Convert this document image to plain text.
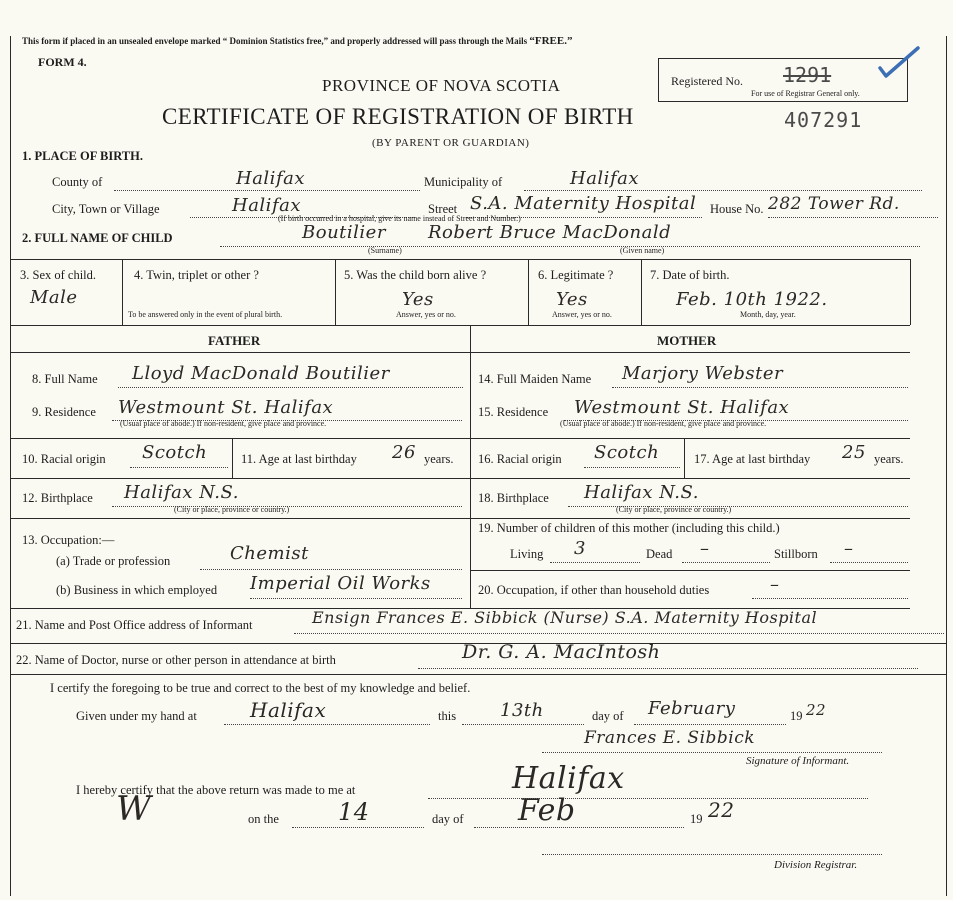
This form if placed in an unsealed envelope marked “ Dominion Statistics free,” and properly addressed will pass through the Mails “FREE.”
FORM 4.
PROVINCE OF NOVA SCOTIA
CERTIFICATE OF REGISTRATION OF BIRTH	407291
(BY PARENT OR GUARDIAN)
Registered No. 1291
For use of Registrar General only.
1. PLACE OF BIRTH.
County of	Halifax	Municipality of	Halifax
City, Town or Village	Halifax	Street S.A. Maternity Hospital House No. 282 Tower Rd.
(If birth occurred in a hospital, give its name instead of Street and Number.)
2. FULL NAME OF CHILD	Boutilier Robert Bruce MacDonald
(Surname)	(Given name)
3. Sex of child.
Male
4. Twin, triplet or other ?
To be answered only in the event of plural birth.
5. Was the child born alive ?
Yes
Answer, yes or no.
6. Legitimate ?
Yes
Answer, yes or no.
7. Date of birth.
Feb. 10th 1922.
Month, day, year.
FATHER	MOTHER
8. Full Name Lloyd MacDonald Boutilier
9. Residence Westmount St. Halifax
(Usual place of abode.) If non-resident, give place and province.
10. Racial origin Scotch	11. Age at last birthday 26 years.
12. Birthplace Halifax N.S.
(City or place, province or country.)
13. Occupation:—
(a) Trade or profession	Chemist
(b) Business in which employed Imperial Oil Works
14. Full Maiden Name Marjory Webster
15. Residence Westmount St. Halifax
(Usual place of abode.) If non-resident, give place and province.
16. Racial origin Scotch	17. Age at last birthday 25 years.
18. Birthplace Halifax N.S.
(City or place, province or country.)
19. Number of children of this mother (including this child.)
Living 3	Dead –	Stillborn –
20. Occupation, if other than household duties	–
21. Name and Post Office address of Informant	Ensign Frances E. Sibbick (Nurse) S.A. Maternity Hospital
22. Name of Doctor, nurse or other person in attendance at birth	Dr. G. A. MacIntosh
I certify the foregoing to be true and correct to the best of my knowledge and belief.
Given under my hand at	Halifax	this 13th	day of February	19 22
Frances E. Sibbick
Signature of Informant.
I hereby certify that the above return was made to me at	Halifax
W	on the 14	day of Feb	19 22
Division Registrar.
